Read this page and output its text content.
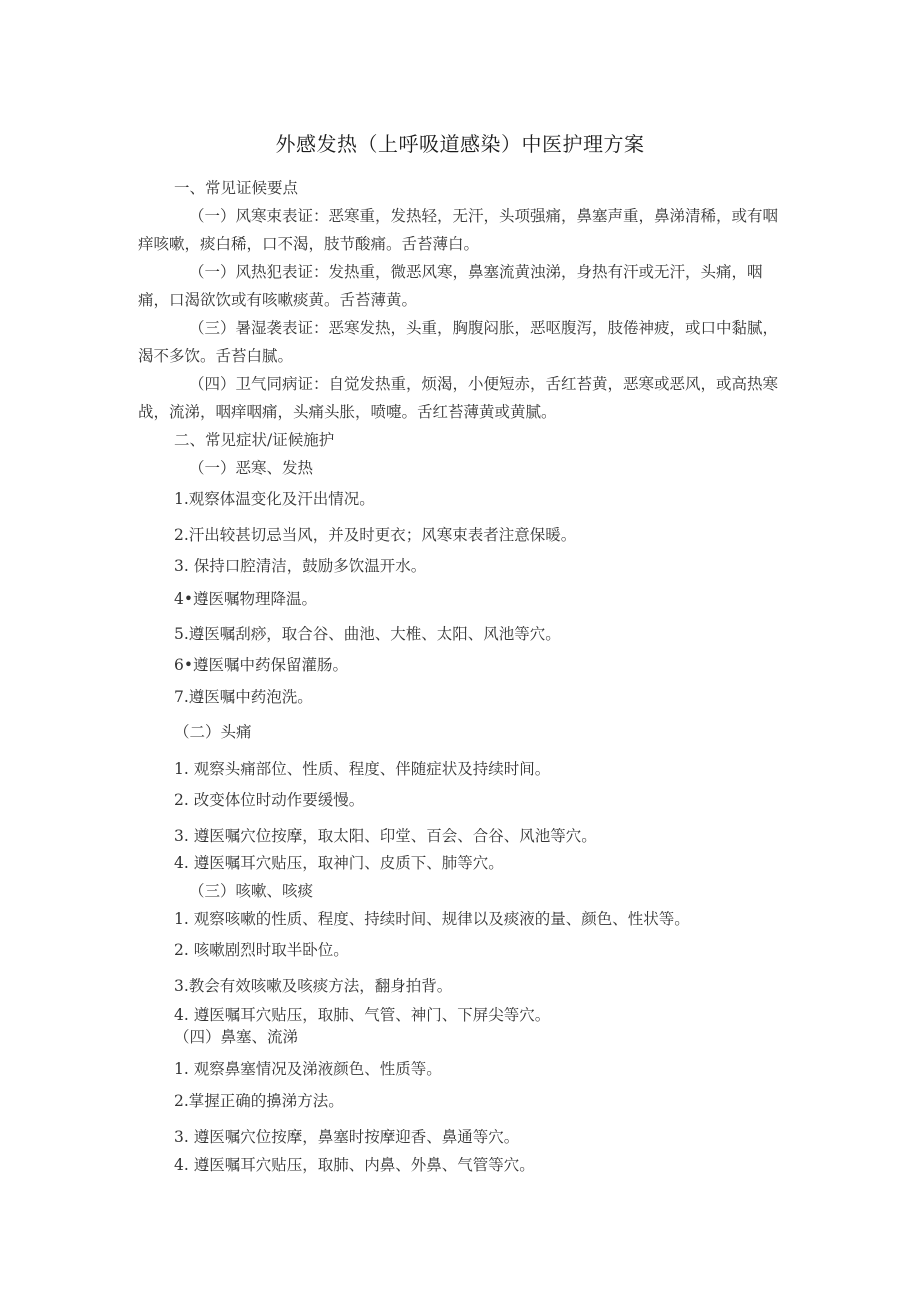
外感发热（上呼吸道感染）中医护理方案
一、常见证候要点
（一）风寒束表证：恶寒重，发热轻，无汗，头项强痛，鼻塞声重，鼻涕清稀，或有咽
痒咳嗽，痰白稀，口不渴，肢节酸痛。舌苔薄白。
（一）风热犯表证：发热重，微恶风寒，鼻塞流黄浊涕，身热有汗或无汗，头痛，咽
痛，口渴欲饮或有咳嗽痰黄。舌苔薄黄。
（三）暑湿袭表证：恶寒发热，头重，胸腹闷胀，恶呕腹泻，肢倦神疲，或口中黏腻，
渴不多饮。舌苔白腻。
（四）卫气同病证：自觉发热重，烦渴，小便短赤，舌红苔黄，恶寒或恶风，或高热寒
战，流涕，咽痒咽痛，头痛头胀，喷嚏。舌红苔薄黄或黄腻。
二、常见症状/证候施护
（一）恶寒、发热
1.观察体温变化及汗出情况。
2.汗出较甚切忌当风，并及时更衣；风寒束表者注意保暖。
3. 保持口腔清洁，鼓励多饮温开水。
4•遵医嘱物理降温。
5.遵医嘱刮痧，取合谷、曲池、大椎、太阳、风池等穴。
6•遵医嘱中药保留灌肠。
7.遵医嘱中药泡洗。
（二）头痛
1. 观察头痛部位、性质、程度、伴随症状及持续时间。
2. 改变体位时动作要缓慢。
3. 遵医嘱穴位按摩，取太阳、印堂、百会、合谷、风池等穴。
4. 遵医嘱耳穴贴压，取神门、皮质下、肺等穴。
（三）咳嗽、咳痰
1. 观察咳嗽的性质、程度、持续时间、规律以及痰液的量、颜色、性状等。
2. 咳嗽剧烈时取半卧位。
3.教会有效咳嗽及咳痰方法，翻身拍背。
4. 遵医嘱耳穴贴压，取肺、气管、神门、下屏尖等穴。
（四）鼻塞、流涕
1. 观察鼻塞情况及涕液颜色、性质等。
2.掌握正确的擤涕方法。
3. 遵医嘱穴位按摩，鼻塞时按摩迎香、鼻通等穴。
4. 遵医嘱耳穴贴压，取肺、内鼻、外鼻、气管等穴。
